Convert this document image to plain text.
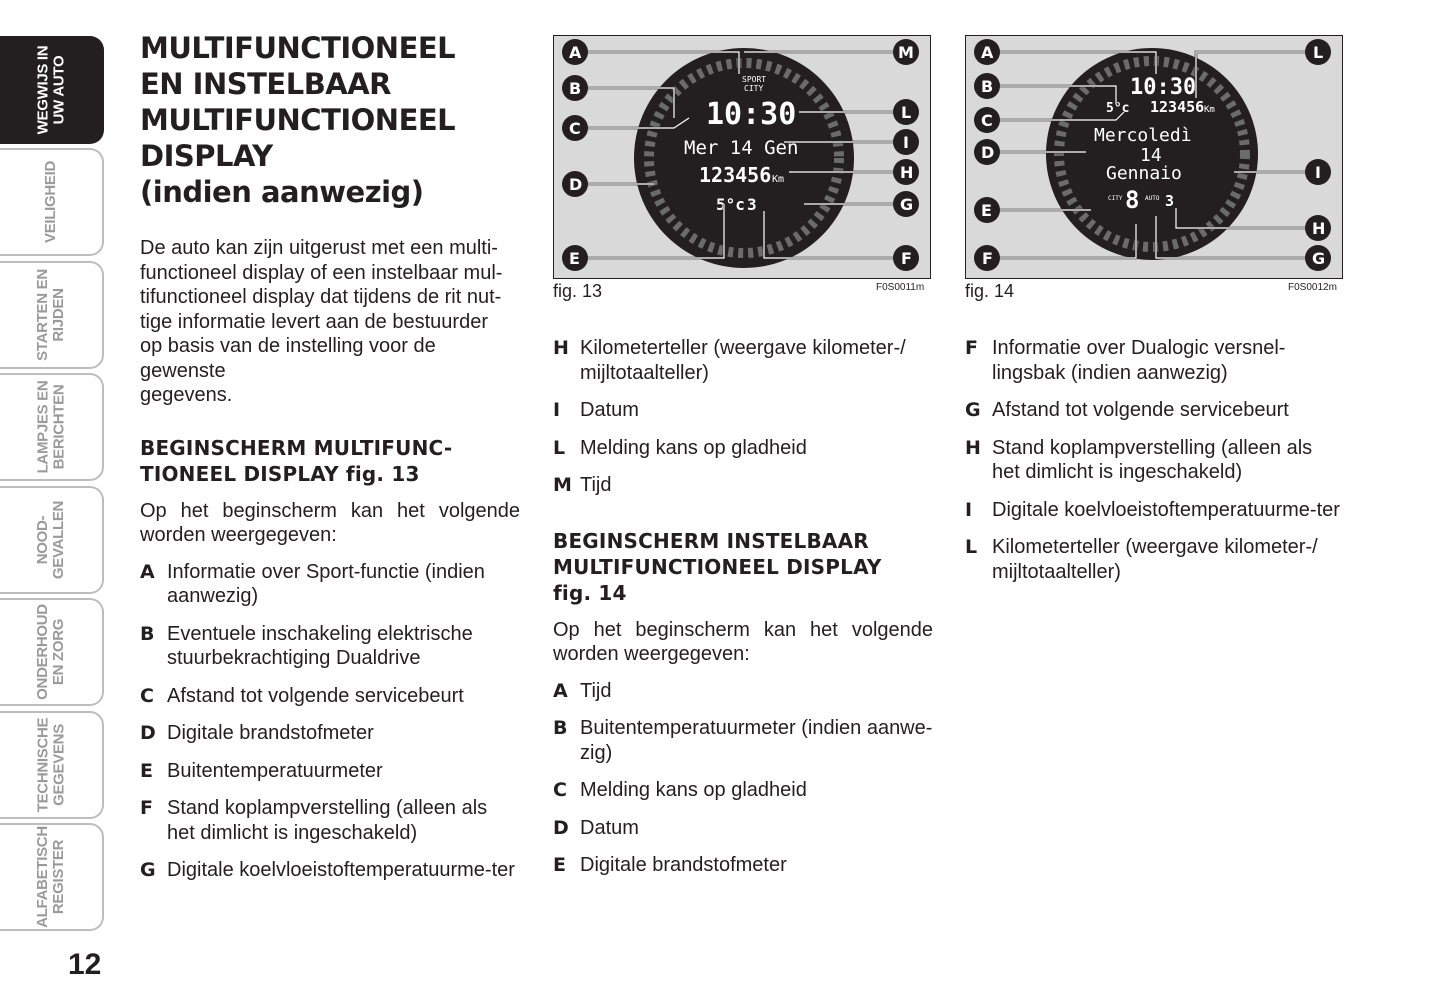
WEGWIJS IN
UW AUTO
VEILIGHEID
STARTEN EN
RIJDEN
LAMPJES EN
BERICHTEN
NOOD-
GEVALLEN
ONDERHOUD
EN ZORG
TECHNISCHE
GEGEVENS
ALFABETISCH
REGISTER
12
MULTIFUNCTIONEEL
EN INSTELBAAR
MULTIFUNCTIONEEL
DISPLAY
(indien aanwezig)

De auto kan zijn uitgerust met een multi-
functioneel display of een instelbaar mul-
tifunctioneel display dat tijdens de rit nut-
tige informatie levert aan de bestuurder
op basis van de instelling voor de gewenste
gegevens.

BEGINSCHERM MULTIFUNC-
TIONEEL DISPLAY fig. 13

Op het beginscherm kan het volgende worden weergegeven:

A Informatie over Sport-functie (indien aanwezig)
B Eventuele inschakeling elektrische stuurbekrachtiging Dualdrive
C Afstand tot volgende servicebeurt
D Digitale brandstofmeter
E Buitentemperatuurmeter
F Stand koplampverstelling (alleen als het dimlicht is ingeschakeld)
G Digitale koelvloeistoftemperatuurme-ter
SPORT
CITY
10:30
Mer 14 Gen
123456 Km
5°c 3
A
B
C
D
E
M
L
I
H
G
F
fig. 13	F0S0011m
10:30
5°c 123456 Km
Mercoledì
14
Gennaio
8
CITY	AUTO 3
A
B
C
D
E
F
L
I
H
G
fig. 14	F0S0012m
H Kilometerteller (weergave kilometer-/ mijltotaalteller)
I Datum
L Melding kans op gladheid
M Tijd
BEGINSCHERM INSTELBAAR
MULTIFUNCTIONEEL DISPLAY
fig. 14

Op het beginscherm kan het volgende worden weergegeven:

A Tijd
B Buitentemperatuurmeter (indien aanwe-zig)
C Melding kans op gladheid
D Datum
E Digitale brandstofmeter
F Informatie over Dualogic versnel-lingsbak (indien aanwezig)
G Afstand tot volgende servicebeurt
H Stand koplampverstelling (alleen als het dimlicht is ingeschakeld)
I Digitale koelvloeistoftemperatuurme-ter
L Kilometerteller (weergave kilometer-/ mijltotaalteller)
